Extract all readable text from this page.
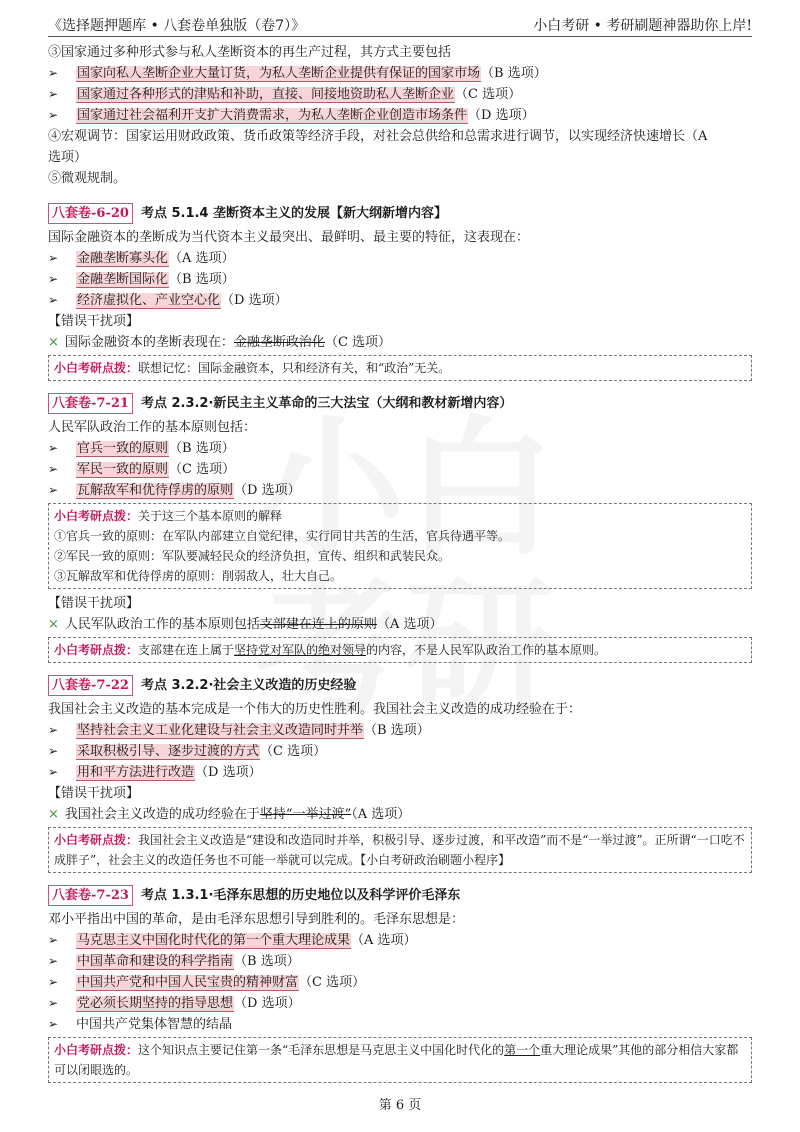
《选择题押题库 • 八套卷单独版（卷7）》	小白考研 • 考研刷题神器助你上岸!
③国家通过多种形式参与私人垄断资本的再生产过程，其方式主要包括
➢ 国家向私人垄断企业大量订货，为私人垄断企业提供有保证的国家市场（B 选项）
➢ 国家通过各种形式的津贴和补助，直接、间接地资助私人垄断企业（C 选项）
➢ 国家通过社会福利开支扩大消费需求，为私人垄断企业创造市场条件（D 选项）
④宏观调节：国家运用财政政策、货币政策等经济手段，对社会总供给和总需求进行调节，以实现经济快速增长（A
选项）
⑤微观规制。
八套卷-6-20 考点 5.1.4 垄断资本主义的发展【新大纲新增内容】
国际金融资本的垄断成为当代资本主义最突出、最鲜明、最主要的特征，这表现在：
➢ 金融垄断寡头化（A 选项）
➢ 金融垄断国际化（B 选项）
➢ 经济虚拟化、产业空心化（D 选项）
【错误干扰项】
× 国际金融资本的垄断表现在：金融垄断政治化（C 选项）
小白考研点拨：联想记忆：国际金融资本，只和经济有关，和“政治”无关。
八套卷-7-21 考点 2.3.2·新民主主义革命的三大法宝（大纲和教材新增内容）
人民军队政治工作的基本原则包括：
➢ 官兵一致的原则（B 选项）
➢ 军民一致的原则（C 选项）
➢ 瓦解敌军和优待俘虏的原则（D 选项）
小白考研点拨：关于这三个基本原则的解释
①官兵一致的原则：在军队内部建立自觉纪律，实行同甘共苦的生活，官兵待遇平等。
②军民一致的原则：军队要减轻民众的经济负担，宣传、组织和武装民众。
③瓦解敌军和优待俘虏的原则：削弱敌人，壮大自己。
【错误干扰项】
× 人民军队政治工作的基本原则包括支部建在连上的原则（A 选项）
小白考研点拨：支部建在连上属于坚持党对军队的绝对领导的内容，不是人民军队政治工作的基本原则。
八套卷-7-22 考点 3.2.2·社会主义改造的历史经验
我国社会主义改造的基本完成是一个伟大的历史性胜利。我国社会主义改造的成功经验在于：
➢ 坚持社会主义工业化建设与社会主义改造同时并举（B 选项）
➢ 采取积极引导、逐步过渡的方式（C 选项）
➢ 用和平方法进行改造（D 选项）
【错误干扰项】
× 我国社会主义改造的成功经验在于坚持“一举过渡”（A 选项）
小白考研点拨：我国社会主义改造是“建设和改造同时并举，积极引导、逐步过渡，和平改造”而不是“一举过渡”。正所谓“一口吃不成胖子”，社会主义的改造任务也不可能一举就可以完成。【小白考研政治刷题小程序】
八套卷-7-23 考点 1.3.1·毛泽东思想的历史地位以及科学评价毛泽东
邓小平指出中国的革命，是由毛泽东思想引导到胜利的。毛泽东思想是：
➢ 马克思主义中国化时代化的第一个重大理论成果（A 选项）
➢ 中国革命和建设的科学指南（B 选项）
➢ 中国共产党和中国人民宝贵的精神财富（C 选项）
➢ 党必须长期坚持的指导思想（D 选项）
➢ 中国共产党集体智慧的结晶
小白考研点拨：这个知识点主要记住第一条“毛泽东思想是马克思主义中国化时代化的第一个重大理论成果”其他的部分相信大家都可以闭眼选的。
第 6 页
